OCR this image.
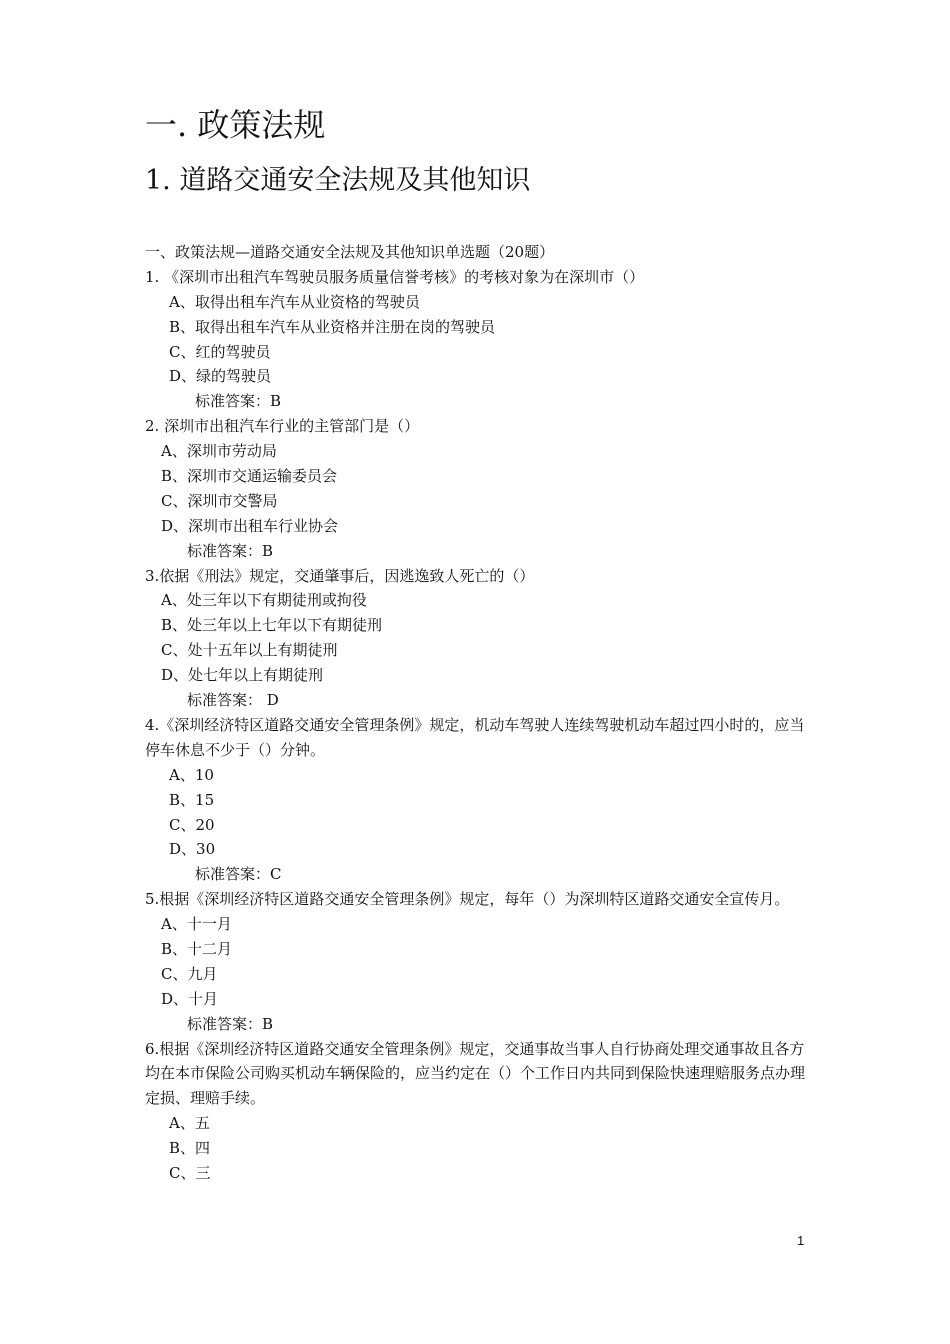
一. 政策法规
1. 道路交通安全法规及其他知识
一、政策法规—道路交通安全法规及其他知识单选题（20题）
1. 《深圳市出租汽车驾驶员服务质量信誉考核》的考核对象为在深圳市（）
A、取得出租车汽车从业资格的驾驶员
B、取得出租车汽车从业资格并注册在岗的驾驶员
C、红的驾驶员
D、绿的驾驶员
标准答案：B
2. 深圳市出租汽车行业的主管部门是（）
A、深圳市劳动局
B、深圳市交通运输委员会
C、深圳市交警局
D、深圳市出租车行业协会
标准答案：B
3.依据《刑法》规定，交通肇事后，因逃逸致人死亡的（）
A、处三年以下有期徒刑或拘役
B、处三年以上七年以下有期徒刑
C、处十五年以上有期徒刑
D、处七年以上有期徒刑
标准答案： D
4.《深圳经济特区道路交通安全管理条例》规定，机动车驾驶人连续驾驶机动车超过四小时的，应当停车休息不少于（）分钟。
A、10
B、15
C、20
D、30
标准答案：C
5.根据《深圳经济特区道路交通安全管理条例》规定，每年（）为深圳特区道路交通安全宣传月。
A、十一月
B、十二月
C、九月
D、十月
标准答案：B
6.根据《深圳经济特区道路交通安全管理条例》规定，交通事故当事人自行协商处理交通事故且各方均在本市保险公司购买机动车辆保险的，应当约定在（）个工作日内共同到保险快速理赔服务点办理定损、理赔手续。
A、五
B、四
C、三
1
